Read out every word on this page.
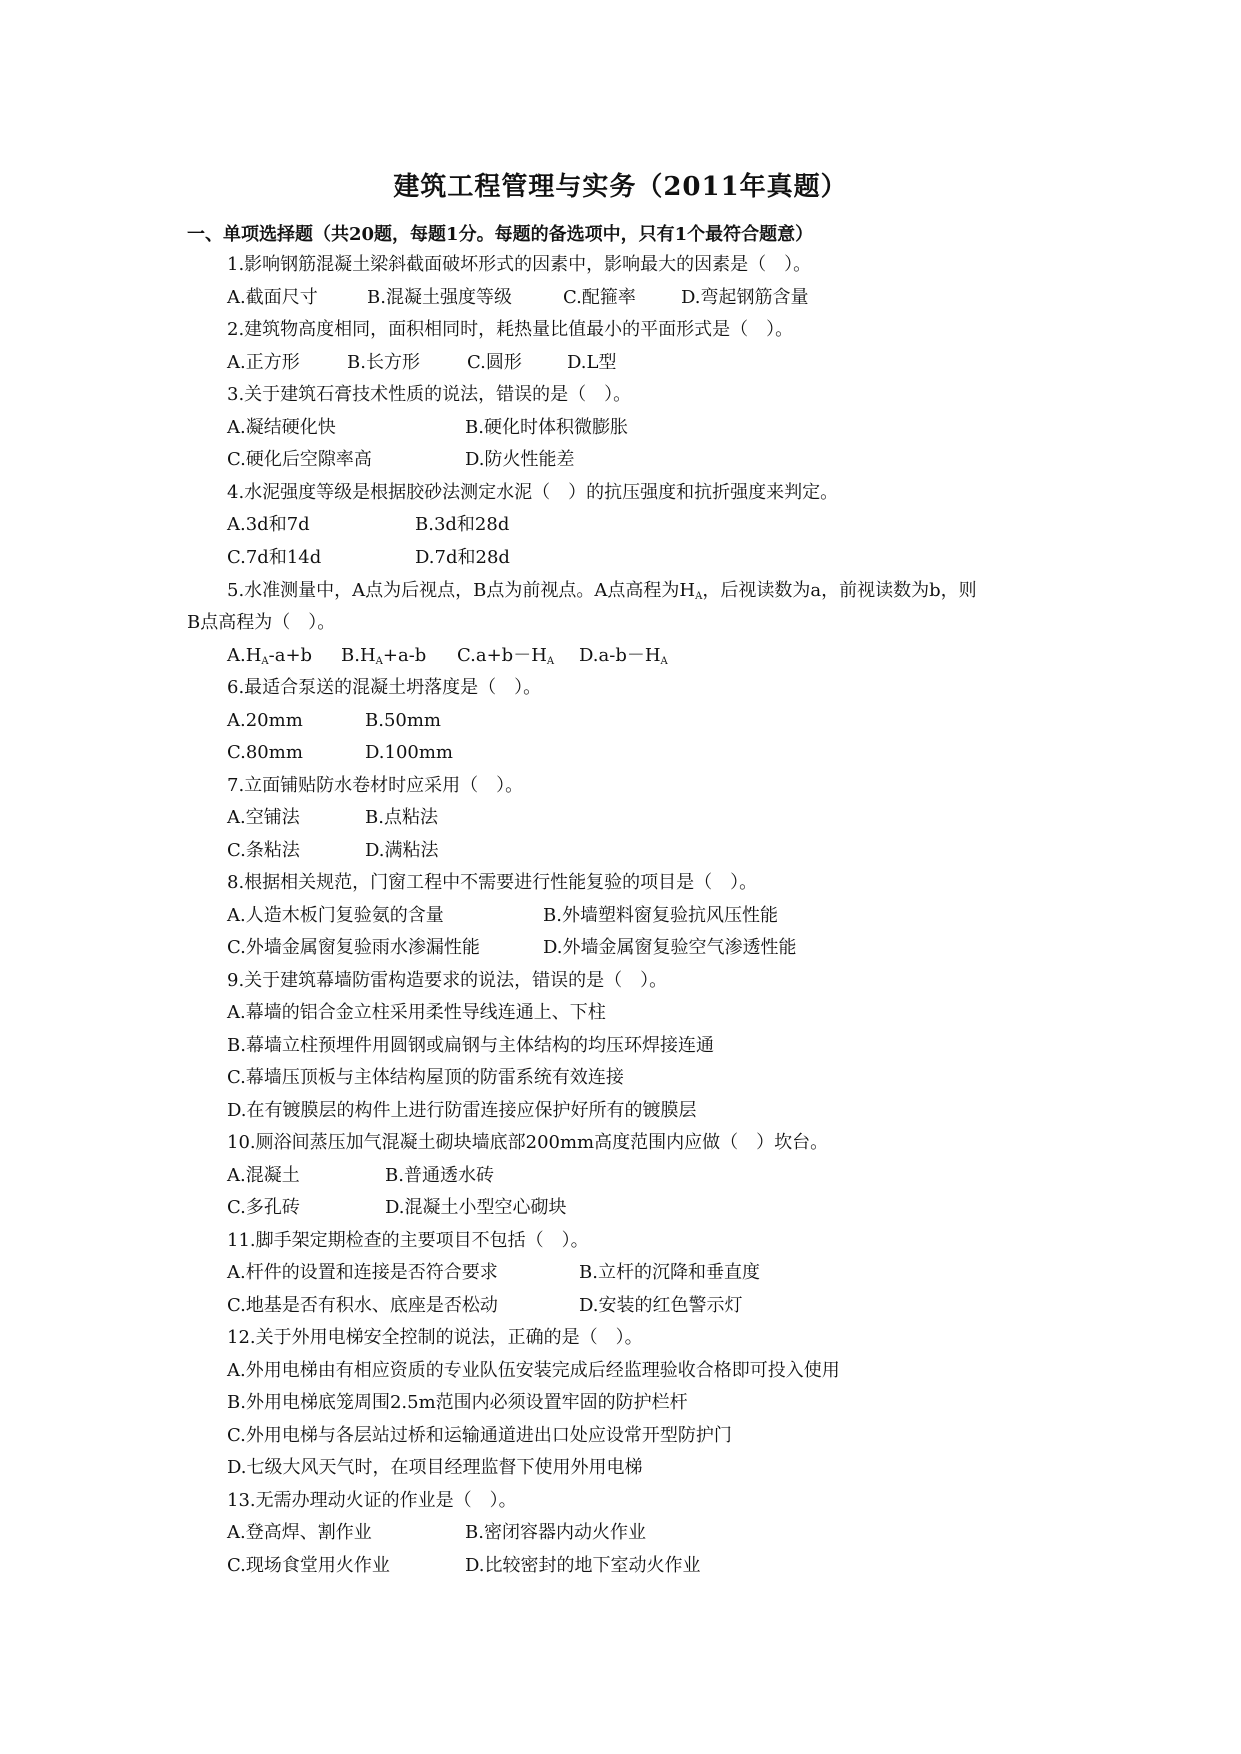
建筑工程管理与实务（2011年真题）
一、单项选择题（共20题，每题1分。每题的备选项中，只有1个最符合题意）
1.影响钢筋混凝土梁斜截面破坏形式的因素中，影响最大的因素是（　）。
A.截面尺寸	B.混凝土强度等级	C.配箍率	D.弯起钢筋含量
2.建筑物高度相同，面积相同时，耗热量比值最小的平面形式是（　）。
A.正方形	B.长方形	C.圆形	D.L型
3.关于建筑石膏技术性质的说法，错误的是（　）。
A.凝结硬化快	B.硬化时体积微膨胀
C.硬化后空隙率高	D.防火性能差
4.水泥强度等级是根据胶砂法测定水泥（　）的抗压强度和抗折强度来判定。
A.3d和7d	B.3d和28d
C.7d和14d	D.7d和28d
5.水准测量中，A点为后视点，B点为前视点。A点高程为$H_A$，后视读数为a，前视读数为b，则
B点高程为（　）。
$A.H_A-a+b$ $B.H_A+a-b$ $C.a+b-H_A$ $D.a-b-H_A$
6.最适合泵送的混凝土坍落度是（　）。
A.20mm	B.50mm
C.80mm	D.100mm
7.立面铺贴防水卷材时应采用（　）。
A.空铺法	B.点粘法
C.条粘法	D.满粘法
8.根据相关规范，门窗工程中不需要进行性能复验的项目是（　）。
A.人造木板门复验氨的含量	B.外墙塑料窗复验抗风压性能
C.外墙金属窗复验雨水渗漏性能	D.外墙金属窗复验空气渗透性能
9.关于建筑幕墙防雷构造要求的说法，错误的是（　）。
A.幕墙的铝合金立柱采用柔性导线连通上、下柱
B.幕墙立柱预埋件用圆钢或扁钢与主体结构的均压环焊接连通
C.幕墙压顶板与主体结构屋顶的防雷系统有效连接
D.在有镀膜层的构件上进行防雷连接应保护好所有的镀膜层
10.厕浴间蒸压加气混凝土砌块墙底部200mm高度范围内应做（　）坎台。
A.混凝土	B.普通透水砖
C.多孔砖	D.混凝土小型空心砌块
11.脚手架定期检查的主要项目不包括（　）。
A.杆件的设置和连接是否符合要求	B.立杆的沉降和垂直度
C.地基是否有积水、底座是否松动	D.安装的红色警示灯
12.关于外用电梯安全控制的说法，正确的是（　）。
A.外用电梯由有相应资质的专业队伍安装完成后经监理验收合格即可投入使用
B.外用电梯底笼周围2.5m范围内必须设置牢固的防护栏杆
C.外用电梯与各层站过桥和运输通道进出口处应设常开型防护门
D.七级大风天气时，在项目经理监督下使用外用电梯
13.无需办理动火证的作业是（　）。
A.登高焊、割作业	B.密闭容器内动火作业
C.现场食堂用火作业	D.比较密封的地下室动火作业
